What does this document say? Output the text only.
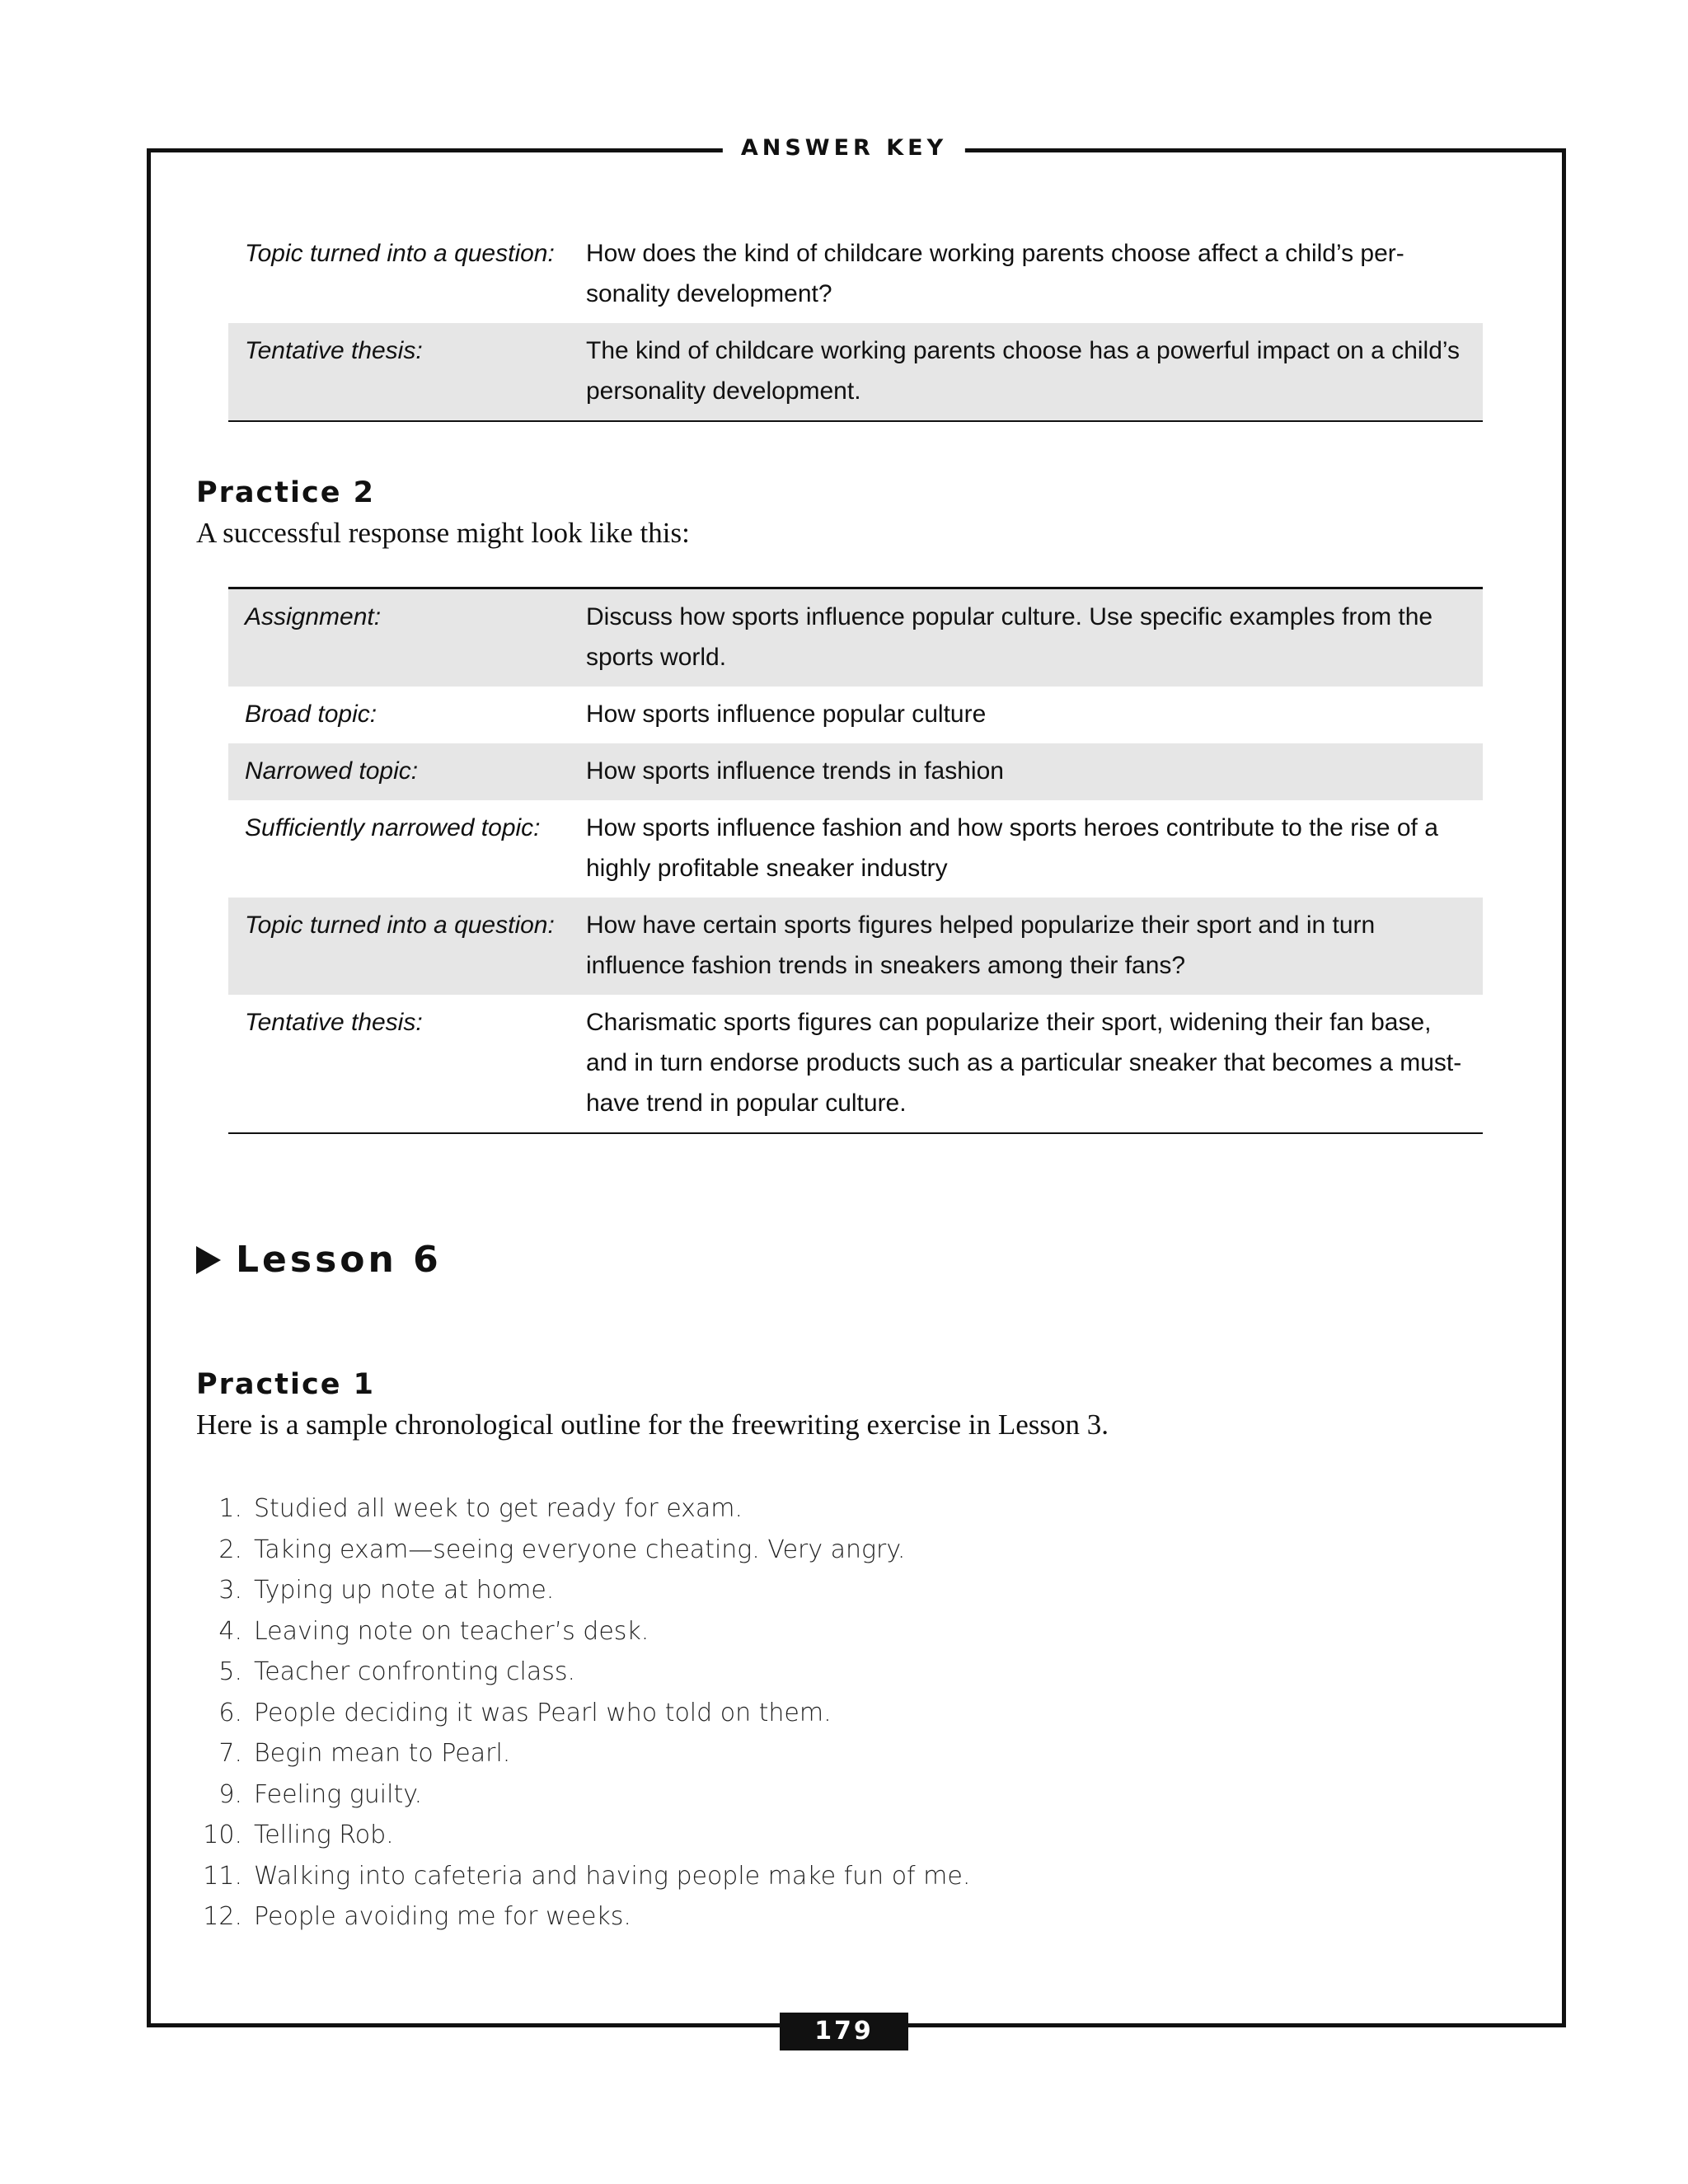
ANSWER KEY
Topic turned into a question:	How does the kind of childcare working parents choose affect a child’s per-sonality development?
Tentative thesis:	The kind of childcare working parents choose has a powerful impact on a child’s personality development.
Practice 2

A successful response might look like this:

Assignment:	Discuss how sports influence popular culture. Use specific examples from the sports world.
Broad topic:	How sports influence popular culture
Narrowed topic:	How sports influence trends in fashion
Sufficiently narrowed topic:	How sports influence fashion and how sports heroes contribute to the rise of a highly profitable sneaker industry
Topic turned into a question:	How have certain sports figures helped popularize their sport and in turn influence fashion trends in sneakers among their fans?
Tentative thesis:	Charismatic sports figures can popularize their sport, widening their fan base, and in turn endorse products such as a particular sneaker that becomes a must-have trend in popular culture.
Lesson 6
Practice 1

Here is a sample chronological outline for the freewriting exercise in Lesson 3.

1. Studied all week to get ready for exam.
2. Taking exam—seeing everyone cheating. Very angry.
3. Typing up note at home.
4. Leaving note on teacher’s desk.
5. Teacher confronting class.
6. People deciding it was Pearl who told on them.
7. Begin mean to Pearl.
9. Feeling guilty.
10. Telling Rob.
11. Walking into cafeteria and having people make fun of me.
12. People avoiding me for weeks.
179
